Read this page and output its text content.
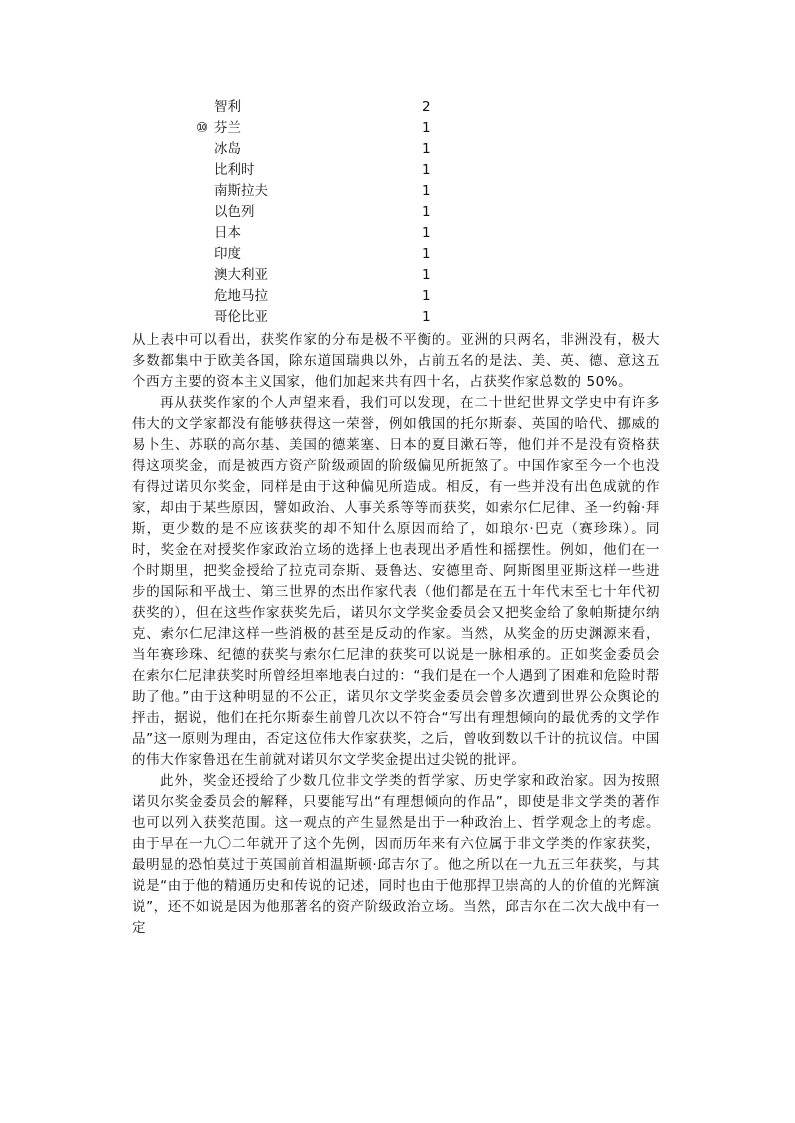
智利	2
⑩ 芬兰	1
冰岛	1
比利时	1
南斯拉夫	1
以色列	1
日本	1
印度	1
澳大利亚	1
危地马拉	1
哥伦比亚	1

从上表中可以看出，获奖作家的分布是极不平衡的。亚洲的只两名，非洲没有，极大多数都集中于欧美各国，除东道国瑞典以外，占前五名的是法、美、英、德、意这五个西方主要的资本主义国家，他们加起来共有四十名，占获奖作家总数的 50%。

再从获奖作家的个人声望来看，我们可以发现，在二十世纪世界文学史中有许多伟大的文学家都没有能够获得这一荣誉，例如俄国的托尔斯泰、英国的哈代、挪威的易卜生、苏联的高尔基、美国的德莱塞、日本的夏目漱石等，他们并不是没有资格获得这项奖金，而是被西方资产阶级顽固的阶级偏见所扼煞了。中国作家至今一个也没有得过诺贝尔奖金，同样是由于这种偏见所造成。相反，有一些并没有出色成就的作家，却由于某些原因，譬如政治、人事关系等等而获奖，如索尔仁尼律、圣一约翰·拜斯，更少数的是不应该获奖的却不知什么原因而给了，如琅尔·巴克（赛珍珠）。同时，奖金在对授奖作家政治立场的选择上也表现出矛盾性和摇摆性。例如，他们在一个时期里，把奖金授给了拉克司奈斯、聂鲁达、安德里奇、阿斯图里亚斯这样一些进步的国际和平战士、第三世界的杰出作家代表（他们都是在五十年代末至七十年代初获奖的），但在这些作家获奖先后，诺贝尔文学奖金委员会又把奖金给了象帕斯捷尔纳克、索尔仁尼津这样一些消极的甚至是反动的作家。当然，从奖金的历史渊源来看，当年赛珍珠、纪德的获奖与索尔仁尼津的获奖可以说是一脉相承的。正如奖金委员会在索尔仁尼津获奖时所曾经坦率地表白过的：“我们是在一个人遇到了困难和危险时帮助了他。”由于这种明显的不公正，诺贝尔文学奖金委员会曾多次遭到世界公众舆论的抨击，据说，他们在托尔斯泰生前曾几次以不符合“写出有理想倾向的最优秀的文学作品”这一原则为理由，否定这位伟大作家获奖，之后，曾收到数以千计的抗议信。中国的伟大作家鲁迅在生前就对诺贝尔文学奖金提出过尖锐的批评。

此外，奖金还授给了少数几位非文学类的哲学家、历史学家和政治家。因为按照诺贝尔奖金委员会的解释，只要能写出“有理想倾向的作品”，即使是非文学类的著作也可以列入获奖范围。这一观点的产生显然是出于一种政治上、哲学观念上的考虑。由于早在一九〇二年就开了这个先例，因而历年来有六位属于非文学类的作家获奖，最明显的恐怕莫过于英国前首相温斯顿·邱吉尔了。他之所以在一九五三年获奖，与其说是“由于他的精通历史和传说的记述，同时也由于他那捍卫崇高的人的价值的光辉演说”，还不如说是因为他那著名的资产阶级政治立场。当然，邱吉尔在二次大战中有一定
